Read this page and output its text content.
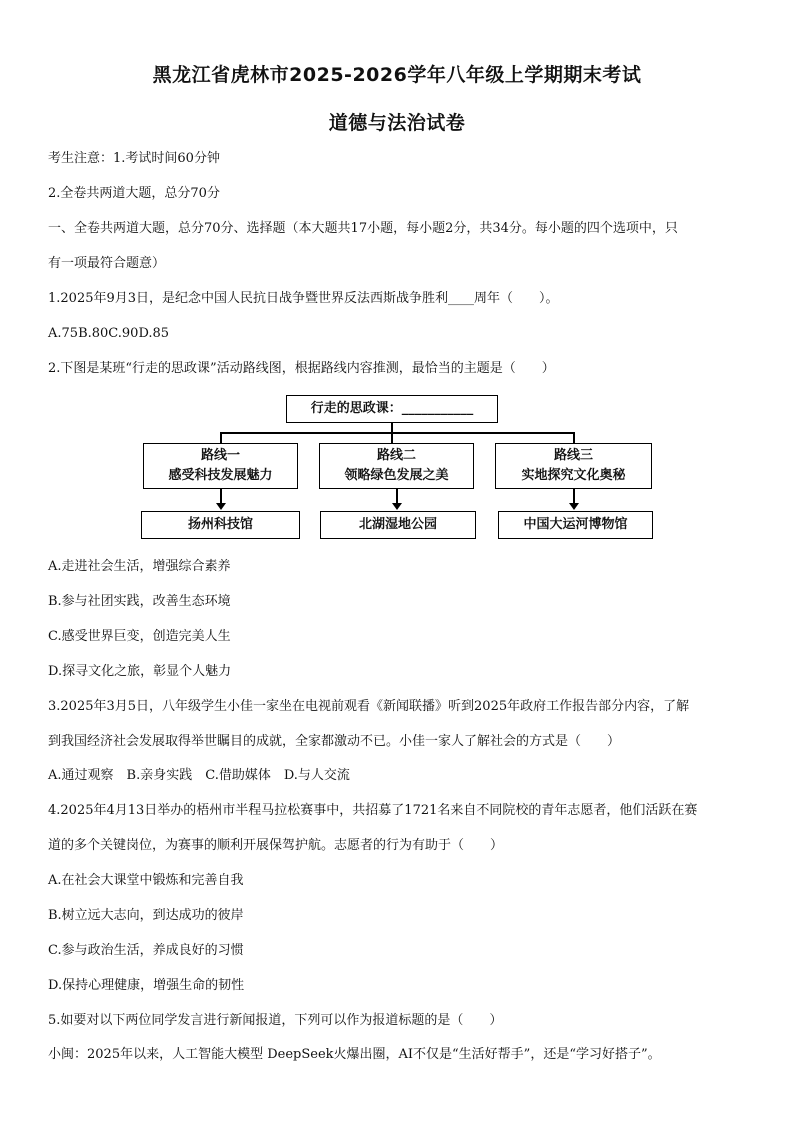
黑龙江省虎林市2025-2026学年八年级上学期期末考试
道德与法治试卷
考生注意：1.考试时间60分钟
2.全卷共两道大题，总分70分
一、全卷共两道大题，总分70分、选择题（本大题共17小题，每小题2分，共34分。每小题的四个选项中，只
有一项最符合题意）
1.2025年9月3日，是纪念中国人民抗日战争暨世界反法西斯战争胜利____周年（　　）。
A.75B.80C.90D.85
2.下图是某班“行走的思政课”活动路线图，根据路线内容推测，最恰当的主题是（　　）
行走的思政课：___________
路线一
感受科技发展魅力
路线二
领略绿色发展之美
路线三
实地探究文化奥秘
扬州科技馆	北湖湿地公园	中国大运河博物馆
A.走进社会生活，增强综合素养
B.参与社团实践，改善生态环境
C.感受世界巨变，创造完美人生
D.探寻文化之旅，彰显个人魅力
3.2025年3月5日，八年级学生小佳一家坐在电视前观看《新闻联播》听到2025年政府工作报告部分内容，了解
到我国经济社会发展取得举世瞩目的成就，全家都激动不已。小佳一家人了解社会的方式是（　　）
A.通过观察　B.亲身实践　C.借助媒体　D.与人交流
4.2025年4月13日举办的梧州市半程马拉松赛事中，共招募了1721名来自不同院校的青年志愿者，他们活跃在赛
道的多个关键岗位，为赛事的顺利开展保驾护航。志愿者的行为有助于（　　）
A.在社会大课堂中锻炼和完善自我
B.树立远大志向，到达成功的彼岸
C.参与政治生活，养成良好的习惯
D.保持心理健康，增强生命的韧性
5.如要对以下两位同学发言进行新闻报道，下列可以作为报道标题的是（　　）
小闽：2025年以来，人工智能大模型 DeepSeek火爆出圈，AI不仅是“生活好帮手”，还是“学习好搭子”。
